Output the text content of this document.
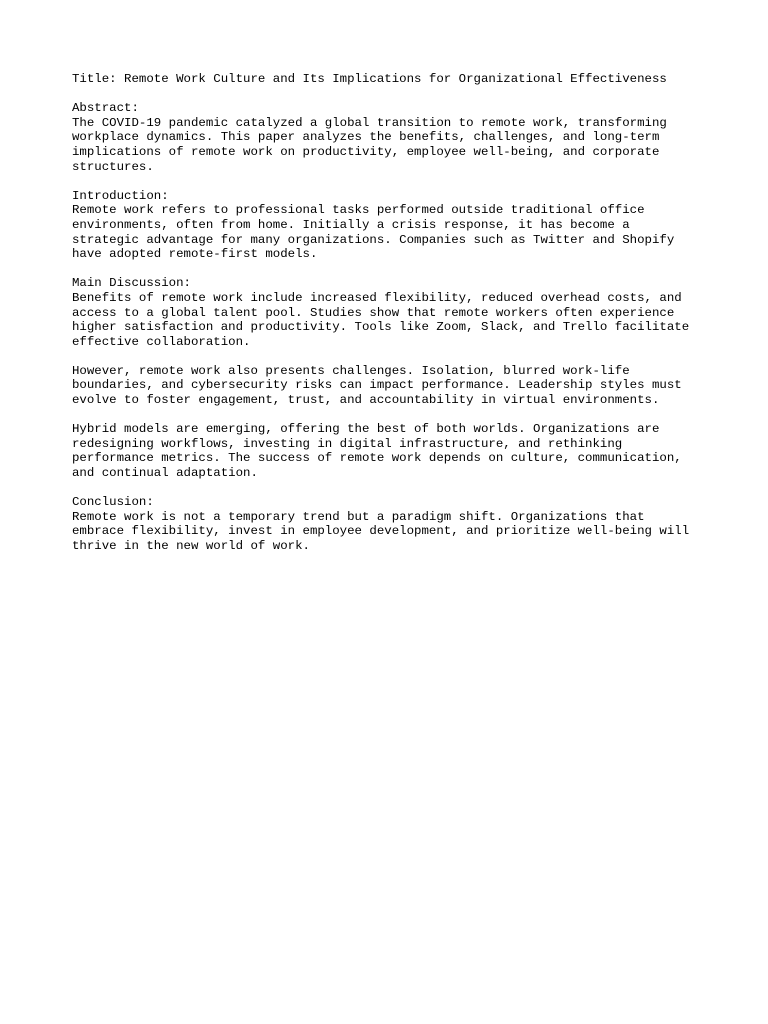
Title: Remote Work Culture and Its Implications for Organizational Effectiveness
Abstract:
The COVID-19 pandemic catalyzed a global transition to remote work, transforming
workplace dynamics. This paper analyzes the benefits, challenges, and long-term
implications of remote work on productivity, employee well-being, and corporate
structures.
Introduction:
Remote work refers to professional tasks performed outside traditional office
environments, often from home. Initially a crisis response, it has become a
strategic advantage for many organizations. Companies such as Twitter and Shopify
have adopted remote-first models.
Main Discussion:
Benefits of remote work include increased flexibility, reduced overhead costs, and
access to a global talent pool. Studies show that remote workers often experience
higher satisfaction and productivity. Tools like Zoom, Slack, and Trello facilitate
effective collaboration.
However, remote work also presents challenges. Isolation, blurred work-life
boundaries, and cybersecurity risks can impact performance. Leadership styles must
evolve to foster engagement, trust, and accountability in virtual environments.
Hybrid models are emerging, offering the best of both worlds. Organizations are
redesigning workflows, investing in digital infrastructure, and rethinking
performance metrics. The success of remote work depends on culture, communication,
and continual adaptation.
Conclusion:
Remote work is not a temporary trend but a paradigm shift. Organizations that
embrace flexibility, invest in employee development, and prioritize well-being will
thrive in the new world of work.
